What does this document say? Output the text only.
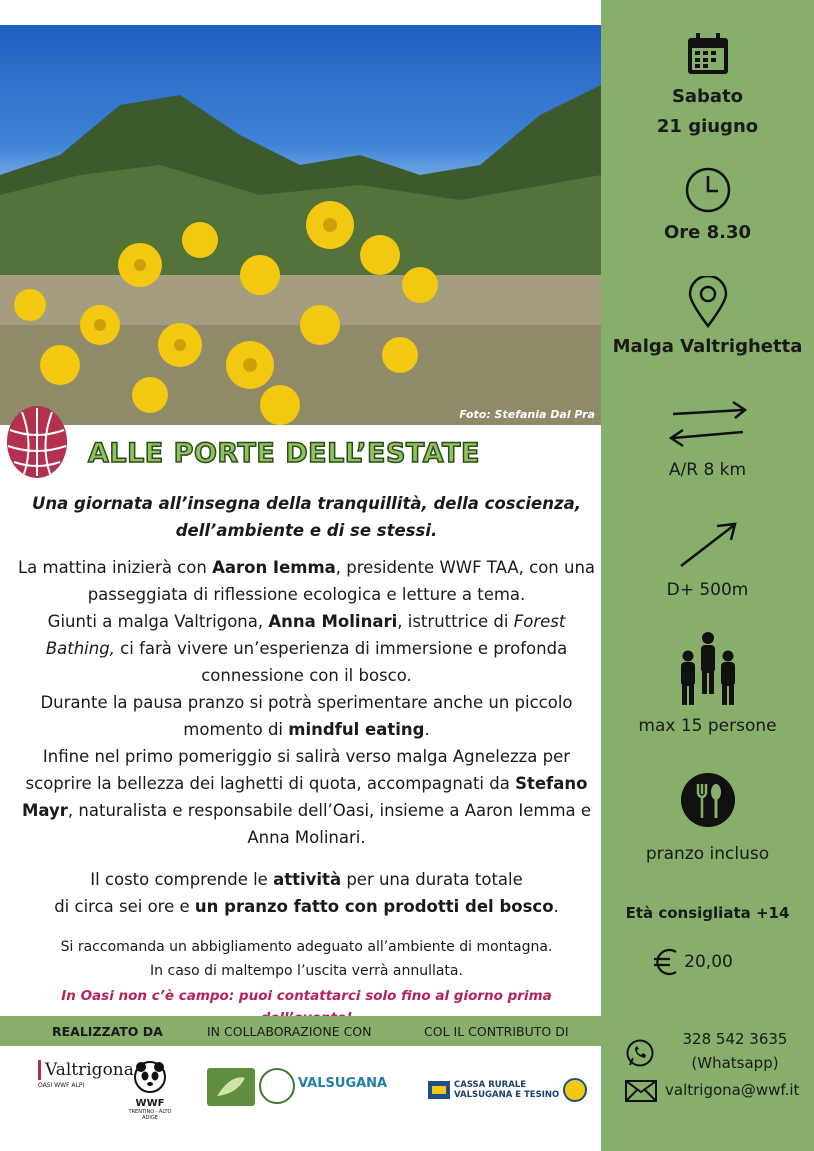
Foto: Stefania Dal Pra
ALLE PORTE DELL’ESTATE

Una giornata all’insegna della tranquillità, della coscienza,

dell’ambiente e di se stessi.

La mattina inizierà con Aaron Iemma, presidente WWF TAA, con una passeggiata di riflessione ecologica e letture a tema.

Giunti a malga Valtrigona, Anna Molinari, istruttrice di Forest Bathing, ci farà vivere un’esperienza di immersione e profonda connessione con il bosco.

Durante la pausa pranzo si potrà sperimentare anche un piccolo momento di mindful eating.

Infine nel primo pomeriggio si salirà verso malga Agnelezza per scoprire la bellezza dei laghetti di quota, accompagnati da Stefano Mayr, naturalista e responsabile dell’Oasi, insieme a Aaron Iemma e Anna Molinari.

Il costo comprende le attività per una durata totale

di circa sei ore e un pranzo fatto con prodotti del bosco.

Si raccomanda un abbigliamento adeguato all’ambiente di montagna.

In caso di maltempo l’uscita verrà annullata.

In Oasi non c’è campo: puoi contattarci solo fino al giorno prima
REALIZZATO DA	IN COLLABORAZIONE CON	COL IL CONTRIBUTO DI
Valtrigona
OASI WWF ALPI
WWF
TRENTINO · ALTO ADIGE
VALSUGANA	CASSA RURALE
VALSUGANA E TESINO
Sabato
21 giugno
Ore 8.30
Malga Valtrighetta
A/R 8 km
D+ 500m
max 15 persone
pranzo incluso
Età consigliata +14
20,00
328 542 3635
(Whatsapp)
valtrigona@wwf.it
